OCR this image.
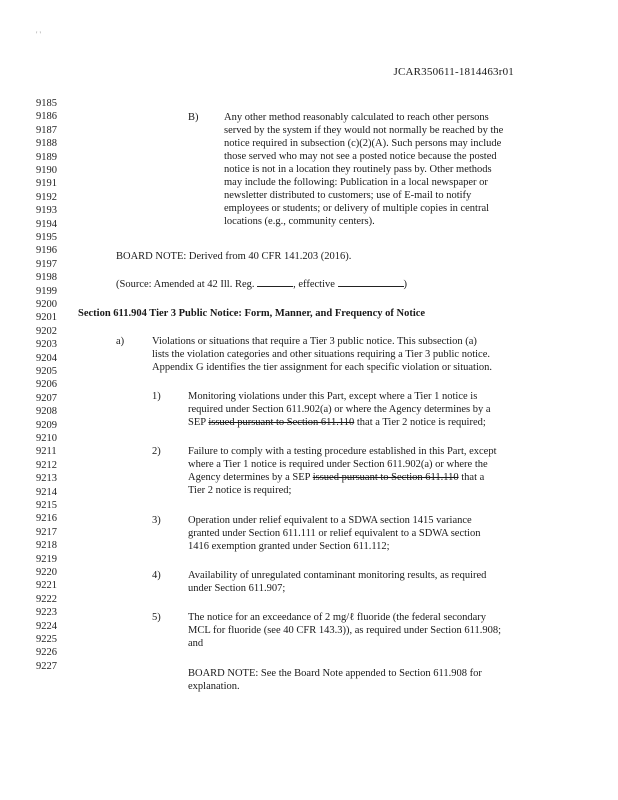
' '
JCAR350611-1814463r01
9185
9186
9187
9188
9189
9190
9191
9192
9193
9194
9195
9196
9197
9198
9199
9200
9201
9202
9203
9204
9205
9206
9207
9208
9209
9210
9211
9212
9213
9214
9215
9216
9217
9218
9219
9220
9221
9222
9223
9224
9225
9226
9227
B) Any other method reasonably calculated to reach other persons
served by the system if they would not normally be reached by the
notice required in subsection (c)(2)(A). Such persons may include
those served who may not see a posted notice because the posted
notice is not in a location they routinely pass by. Other methods
may include the following: Publication in a local newspaper or
newsletter distributed to customers; use of E-mail to notify
employees or students; or delivery of multiple copies in central
locations (e.g., community centers).
BOARD NOTE: Derived from 40 CFR 141.203 (2016).
(Source: Amended at 42 Ill. Reg.	, effective	)
Section 611.904 Tier 3 Public Notice: Form, Manner, and Frequency of Notice
a)	Violations or situations that require a Tier 3 public notice. This subsection (a)
lists the violation categories and other situations requiring a Tier 3 public notice.
Appendix G identifies the tier assignment for each specific violation or situation.
1)	Monitoring violations under this Part, except where a Tier 1 notice is
required under Section 611.902(a) or where the Agency determines by a
SEP issued pursuant to Section 611.110 that a Tier 2 notice is required;
2)	Failure to comply with a testing procedure established in this Part, except
where a Tier 1 notice is required under Section 611.902(a) or where the
Agency determines by a SEP issued pursuant to Section 611.110 that a
Tier 2 notice is required;
3)	Operation under relief equivalent to a SDWA section 1415 variance
granted under Section 611.111 or relief equivalent to a SDWA section
1416 exemption granted under Section 611.112;
4)	Availability of unregulated contaminant monitoring results, as required
under Section 611.907;
5)	The notice for an exceedance of 2 mg/ℓ fluoride (the federal secondary
MCL for fluoride (see 40 CFR 143.3)), as required under Section 611.908;
and
BOARD NOTE: See the Board Note appended to Section 611.908 for
explanation.
